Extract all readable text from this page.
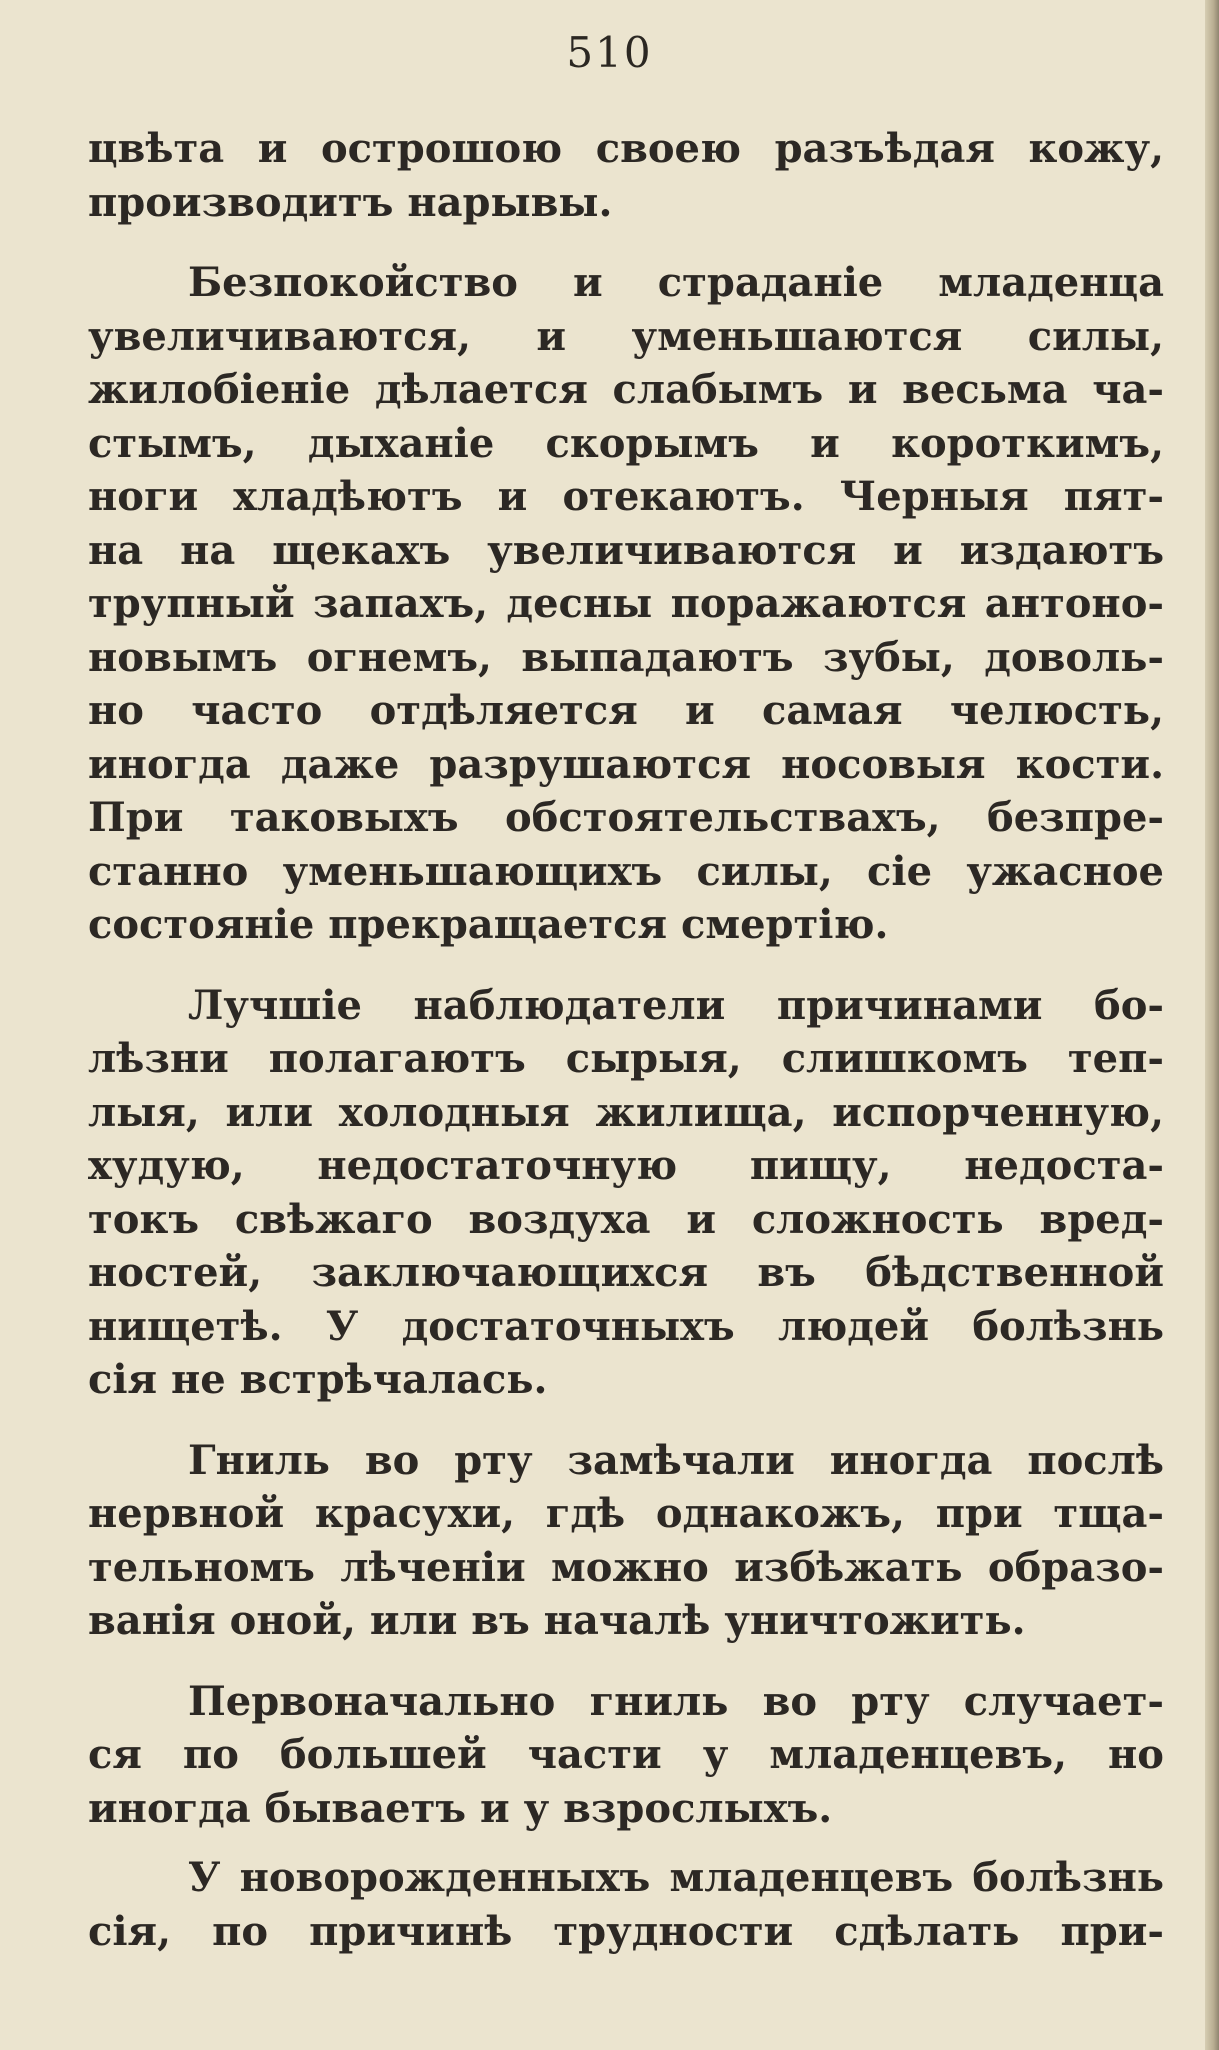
510
цвѣта и острошою своею разъѣдая кожу,
производитъ нарывы.
Безпокойство и страданіе младенца
увеличиваются, и уменьшаются силы,
жилобіеніе дѣлается слабымъ и весьма ча-
стымъ, дыханіе скорымъ и короткимъ,
ноги хладѣютъ и отекаютъ. Черныя пят-
на на щекахъ увеличиваются и издаютъ
трупный запахъ, десны поражаются антоно-
новымъ огнемъ, выпадаютъ зубы, доволь-
но часто отдѣляется и самая челюсть,
иногда даже разрушаются носовыя кости.
При таковыхъ обстоятельствахъ, безпре-
станно уменьшающихъ силы, сіе ужасное
состояніе прекращается смертію.
Лучшіе наблюдатели причинами бо-
лѣзни полагаютъ сырыя, слишкомъ теп-
лыя, или холодныя жилища, испорченную,
худую, недостаточную пищу, недоста-
токъ свѣжаго воздуха и сложность вред-
ностей, заключающихся въ бѣдственной
нищетѣ. У достаточныхъ людей болѣзнь
сія не встрѣчалась.
Гниль во рту замѣчали иногда послѣ
нервной красухи, гдѣ однакожъ, при тща-
тельномъ лѣченіи можно избѣжать образо-
ванія оной, или въ началѣ уничтожить.
Первоначально гниль во рту случает-
ся по большей части у младенцевъ, но
иногда бываетъ и у взрослыхъ.
У новорожденныхъ младенцевъ болѣзнь
сія, по причинѣ трудности сдѣлать при-
